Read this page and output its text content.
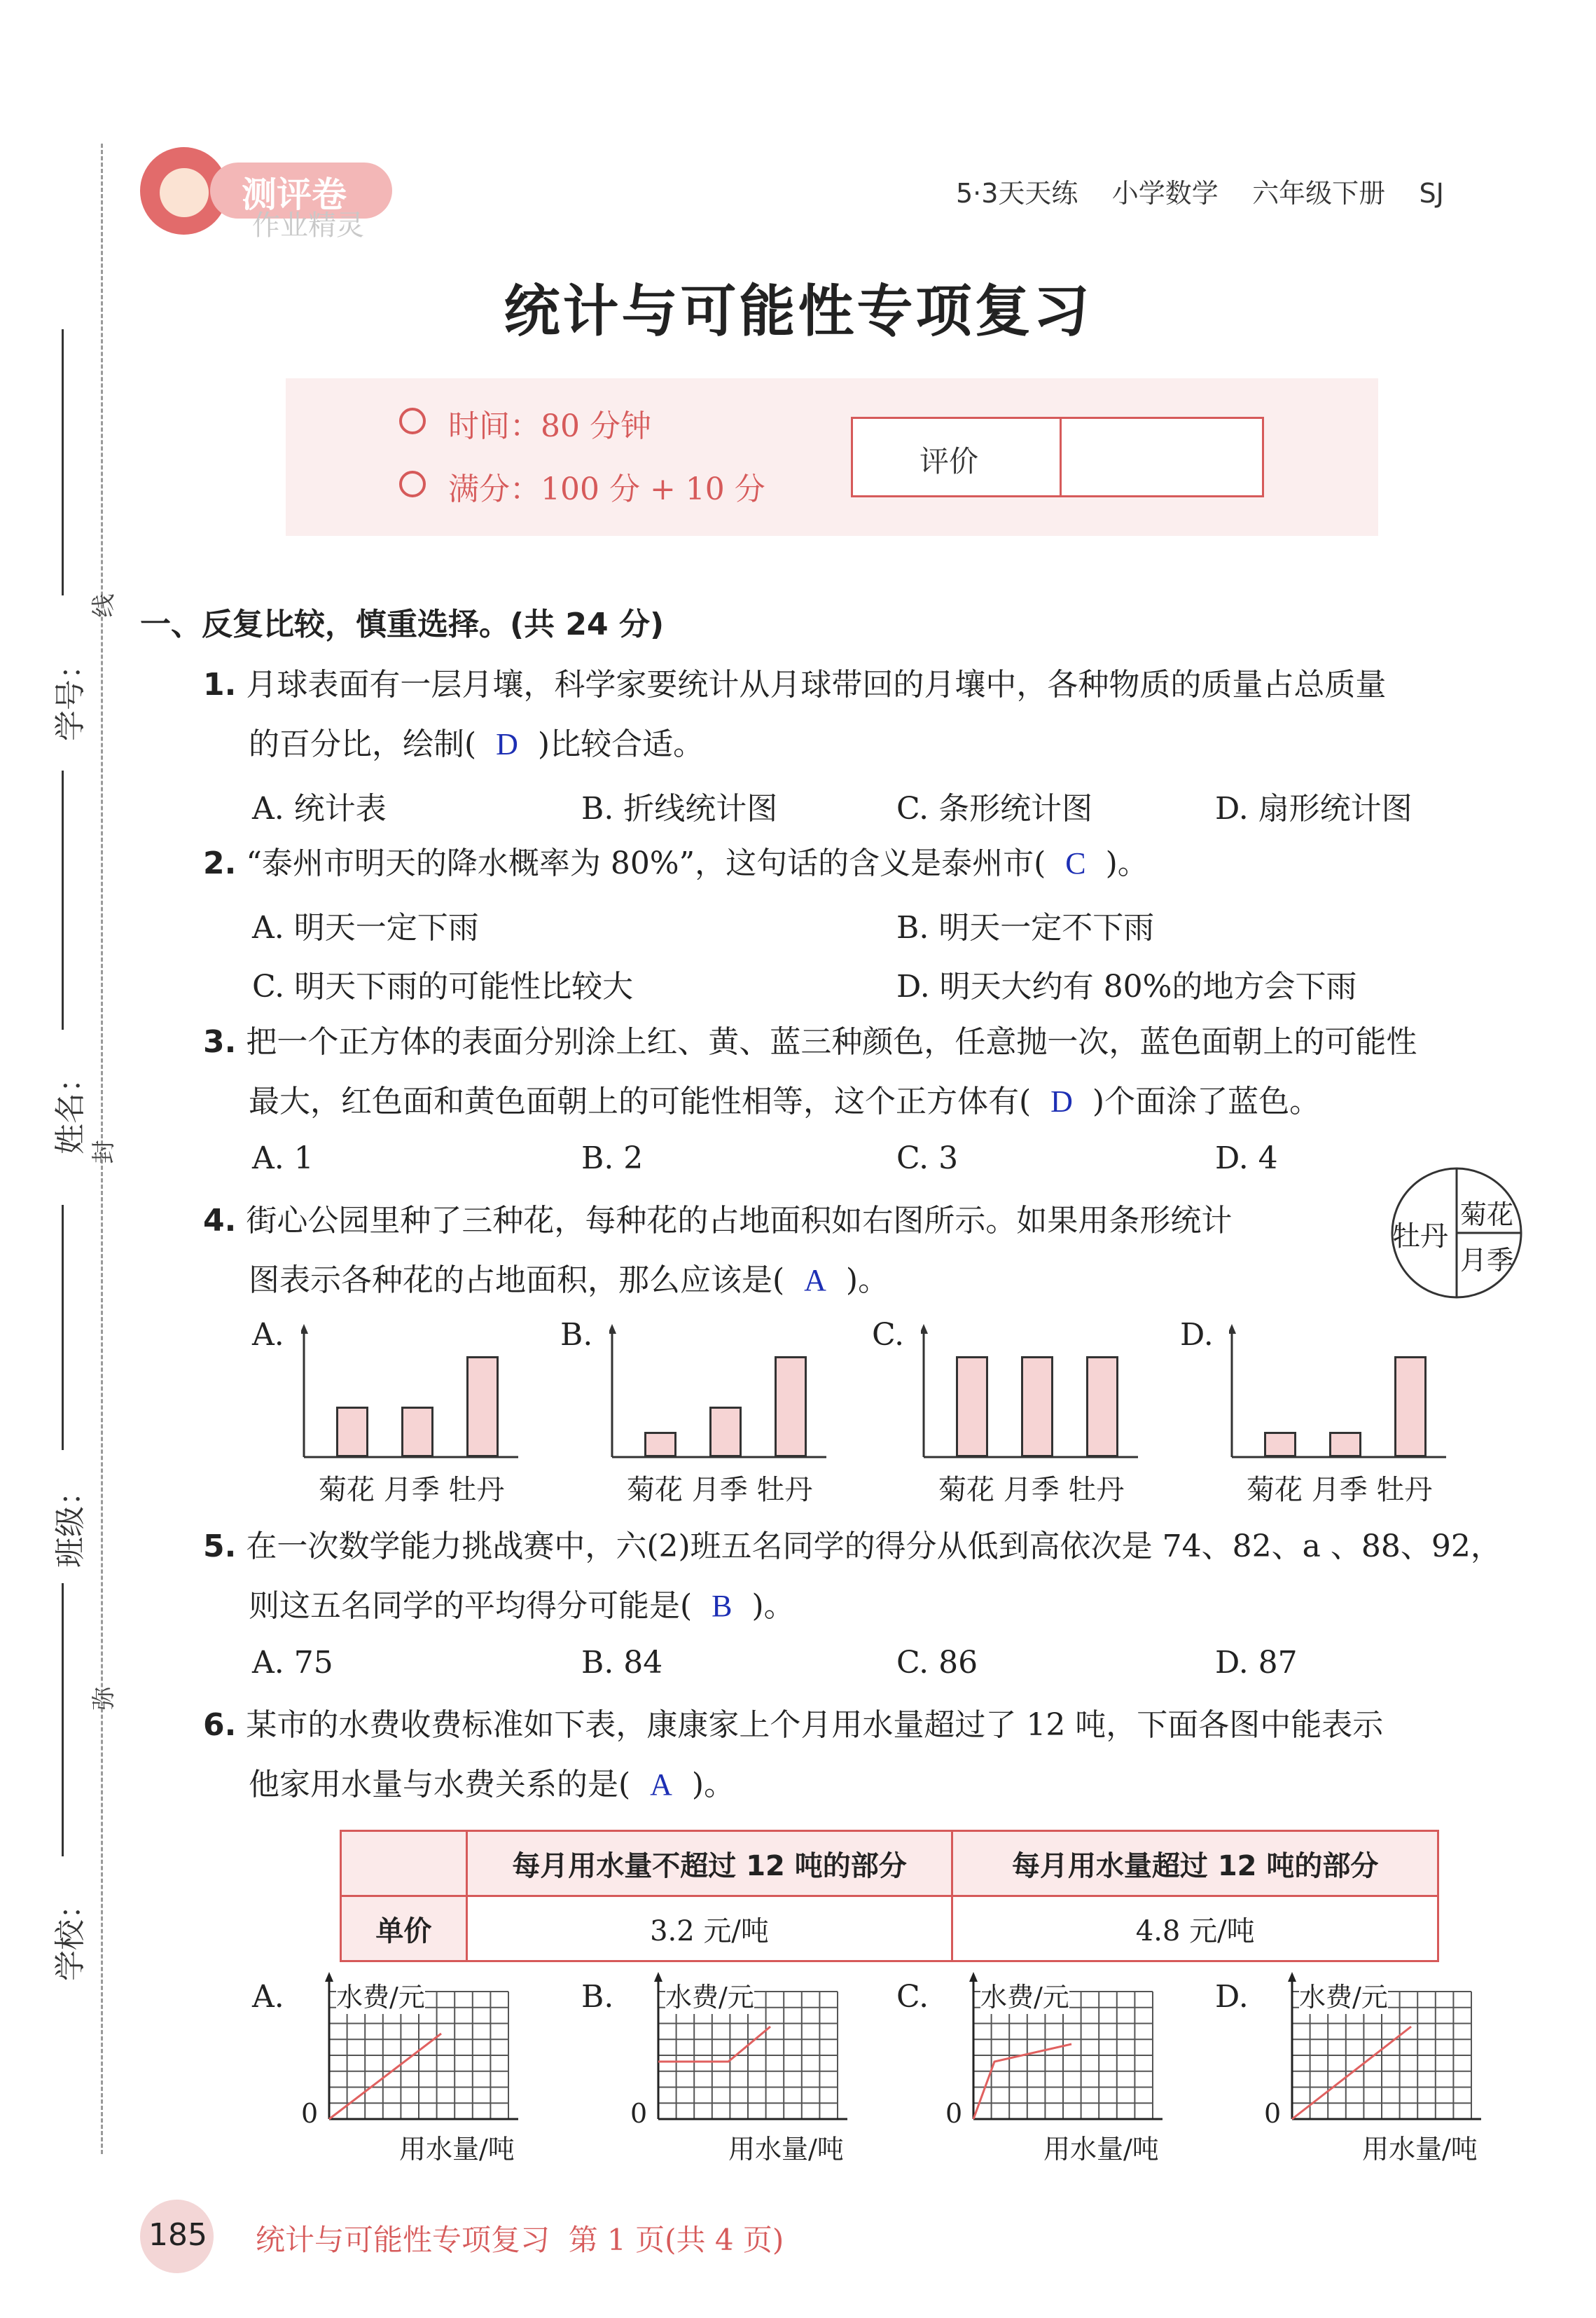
学号：
姓名：
班级：
学校：
线
封
弥
测评卷
作业精灵
5·3天天练 小学数学 六年级下册 SJ
统计与可能性专项复习
时间：80 分钟
满分：100 分 + 10 分
评价
一、反复比较，慎重选择。(共 24 分)
1. 月球表面有一层月壤，科学家要统计从月球带回的月壤中，各种物质的质量占总质量
的百分比，绘制( D )比较合适。
A. 统计表	B. 折线统计图	C. 条形统计图	D. 扇形统计图
2. “泰州市明天的降水概率为 80%”，这句话的含义是泰州市( C )。
A. 明天一定下雨	B. 明天一定不下雨
C. 明天下雨的可能性比较大	D. 明天大约有 80%的地方会下雨
3. 把一个正方体的表面分别涂上红、黄、蓝三种颜色，任意抛一次，蓝色面朝上的可能性
最大，红色面和黄色面朝上的可能性相等，这个正方体有( D )个面涂了蓝色。
A. 1	B. 2	C. 3	D. 4
4. 街心公园里种了三种花，每种花的占地面积如右图所示。如果用条形统计
图表示各种花的占地面积，那么应该是( A )。
牡丹
菊花
月季
A.
菊花 月季 牡丹
B.
菊花 月季 牡丹
C.
菊花 月季 牡丹
D.
菊花 月季 牡丹
5. 在一次数学能力挑战赛中，六(2)班五名同学的得分从低到高依次是 74、82、a 、88、92，
则这五名同学的平均得分可能是( B )。
A. 75	B. 84	C. 86	D. 87
6. 某市的水费收费标准如下表，康康家上个月用水量超过了 12 吨，下面各图中能表示
他家用水量与水费关系的是( A )。
	每月用水量不超过 12 吨的部分	每月用水量超过 12 吨的部分
单价	3.2 元/吨	4.8 元/吨
A. 水费/元
用水量/吨
0
B. 水费/元
用水量/吨
0
C. 水费/元
用水量/吨
0
D. 水费/元
用水量/吨
0
185 统计与可能性专项复习  第 1 页(共 4 页)
